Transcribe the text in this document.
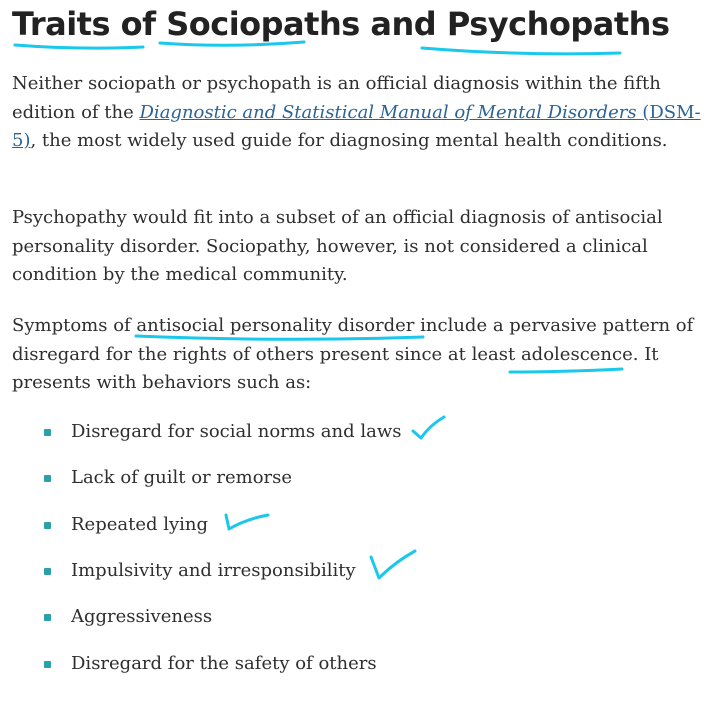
Traits of Sociopaths and Psychopaths

Neither sociopath or psychopath is an official diagnosis within the fifth edition of the Diagnostic and Statistical Manual of Mental Disorders (DSM-5), the most widely used guide for diagnosing mental health conditions.

Psychopathy would fit into a subset of an official diagnosis of antisocial personality disorder. Sociopathy, however, is not considered a clinical condition by the medical community.

Symptoms of antisocial personality disorder include a pervasive pattern of disregard for the rights of others present since at least adolescence. It presents with behaviors such as:

Disregard for social norms and laws
Lack of guilt or remorse
Repeated lying
Impulsivity and irresponsibility
Aggressiveness
Disregard for the safety of others
